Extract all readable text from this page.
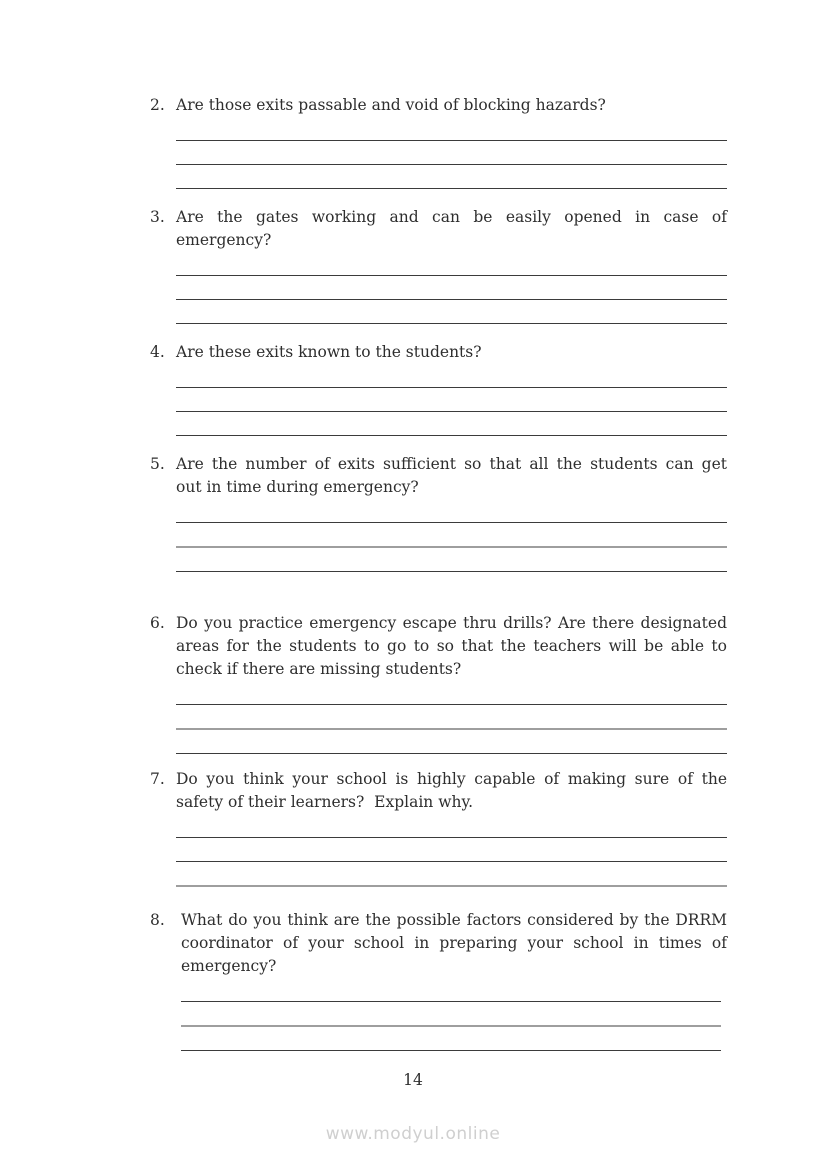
2. Are those exits passable and void of blocking hazards?
3. Are the gates working and can be easily opened in case of
emergency?
4. Are these exits known to the students?
5. Are the number of exits sufficient so that all the students can get
out in time during emergency?
6. Do you practice emergency escape thru drills? Are there designated
areas for the students to go to so that the teachers will be able to
check if there are missing students?
7. Do you think your school is highly capable of making sure of the
safety of their learners?  Explain why.
8.	What do you think are the possible factors considered by the DRRM
coordinator of your school in preparing your school in times of
emergency?
14
www.modyul.online
